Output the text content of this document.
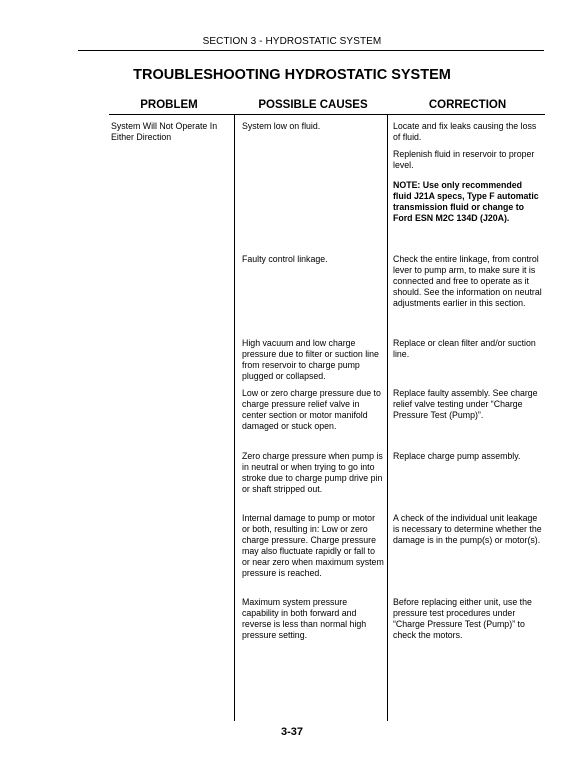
SECTION 3 - HYDROSTATIC SYSTEM
TROUBLESHOOTING HYDROSTATIC SYSTEM
PROBLEM	POSSIBLE CAUSES	CORRECTION
System Will Not Operate In Either Direction
System low on fluid.
Faulty control linkage.
High vacuum and low charge pressure due to filter or suction line from reservoir to charge pump plugged or collapsed.
Low or zero charge pressure due to charge pressure relief valve in center section or motor manifold damaged or stuck open.
Zero charge pressure when pump is in neutral or when trying to go into stroke due to charge pump drive pin or shaft stripped out.
Internal damage to pump or motor or both, resulting in: Low or zero charge pressure. Charge pressure may also fluctuate rapidly or fall to or near zero when maximum system pressure is reached.
Maximum system pressure capability in both forward and reverse is less than normal high pressure setting.
Locate and fix leaks causing the loss of fluid.
Replenish fluid in reservoir to proper level.
NOTE: Use only recommended fluid J21A specs, Type F automatic transmission fluid or change to Ford ESN M2C 134D (J20A).
Check the entire linkage, from control lever to pump arm, to make sure it is connected and free to operate as it should. See the information on neutral adjustments earlier in this section.
Replace or clean filter and/or suction line.
Replace faulty assembly. See charge relief valve testing under “Charge Pressure Test (Pump)”.
Replace charge pump assembly.
A check of the individual unit leakage is necessary to determine whether the damage is in the pump(s) or motor(s).
Before replacing either unit, use the pressure test procedures under “Charge Pressure Test (Pump)” to check the motors.
3-37
